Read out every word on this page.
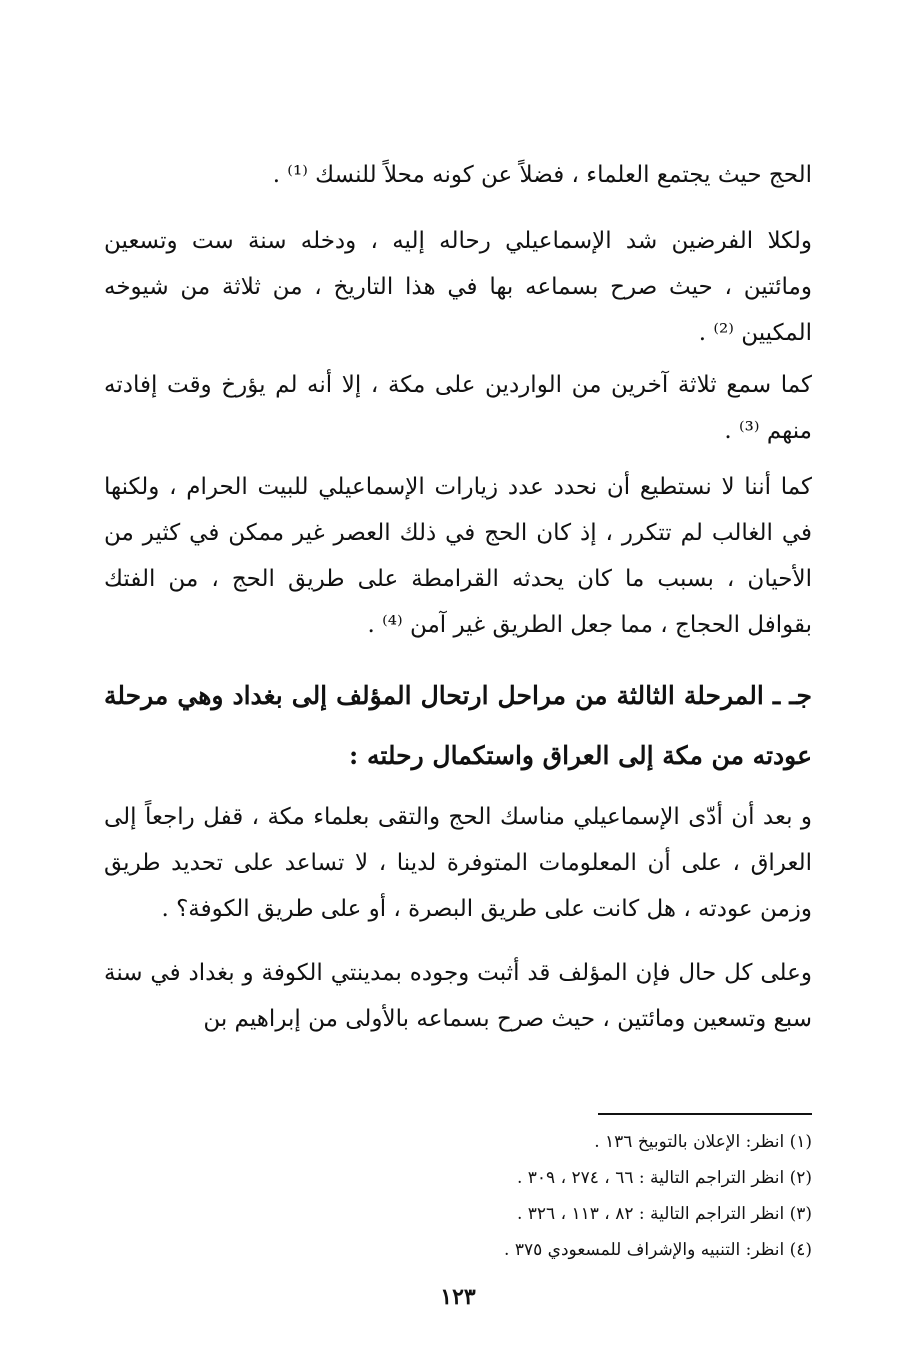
الحج حيث يجتمع العلماء ، فضلاً عن كونه محلاً للنسك ⁽¹⁾ .

ولكلا الفرضين شد الإسماعيلي رحاله إليه ، ودخله سنة ست وتسعين ومائتين ، حيث صرح بسماعه بها في هذا التاريخ ، من ثلاثة من شيوخه المكيين ⁽²⁾ .

كما سمع ثلاثة آخرين من الواردين على مكة ، إلا أنه لم يؤرخ وقت إفادته منهم ⁽³⁾ .

كما أننا لا نستطيع أن نحدد عدد زيارات الإسماعيلي للبيت الحرام ، ولكنها في الغالب لم تتكرر ، إذ كان الحج في ذلك العصر غير ممكن في كثير من الأحيان ، بسبب ما كان يحدثه القرامطة على طريق الحج ، من الفتك بقوافل الحجاج ، مما جعل الطريق غير آمن ⁽⁴⁾ .

جـ ـ المرحلة الثالثة من مراحل ارتحال المؤلف إلى بغداد وهي مرحلة عودته من مكة إلى العراق واستكمال رحلته :

و بعد أن أدّى الإسماعيلي مناسك الحج والتقى بعلماء مكة ، قفل راجعاً إلى العراق ، على أن المعلومات المتوفرة لدينا ، لا تساعد على تحديد طريق وزمن عودته ، هل كانت على طريق البصرة ، أو على طريق الكوفة؟ .

وعلى كل حال فإن المؤلف قد أثبت وجوده بمدينتي الكوفة و بغداد في سنة سبع وتسعين ومائتين ، حيث صرح بسماعه بالأولى من إبراهيم بن

(١) انظر: الإعلان بالتوبيخ ١٣٦ .
(٢) انظر التراجم التالية : ٦٦ ، ٢٧٤ ، ٣٠٩ .
(٣) انظر التراجم التالية : ٨٢ ، ١١٣ ، ٣٢٦ .
(٤) انظر: التنبيه والإشراف للمسعودي ٣٧٥ .
١٢٣
